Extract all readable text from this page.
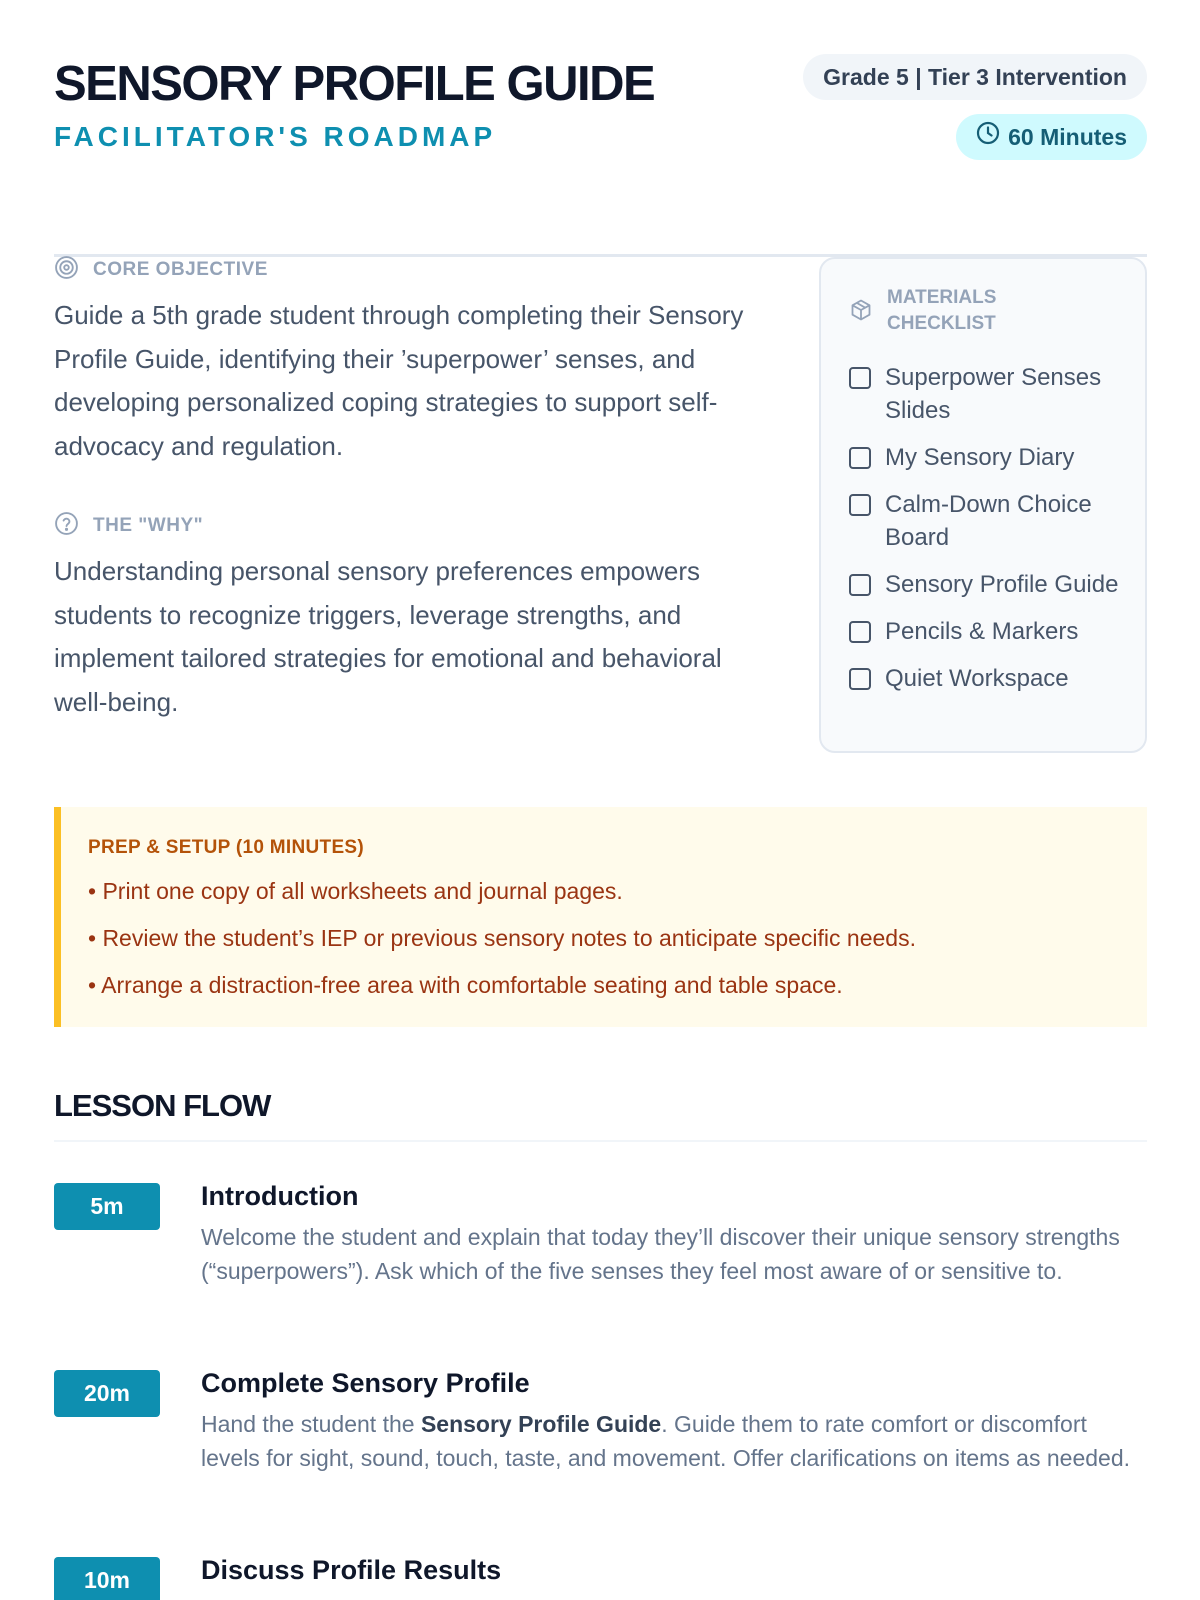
SENSORY PROFILE GUIDE
FACILITATOR'S ROADMAP
Grade 5 | Tier 3 Intervention
60 Minutes
CORE OBJECTIVE

Guide a 5th grade student through completing their Sensory Profile Guide, identifying their ’superpower’ senses, and developing personalized coping strategies to support self-advocacy and regulation.

THE "WHY"

Understanding personal sensory preferences empowers students to recognize triggers, leverage strengths, and implement tailored strategies for emotional and behavioral well-being.

MATERIALS
CHECKLIST
Superpower Senses Slides
My Sensory Diary
Calm-Down Choice Board
Sensory Profile Guide
Pencils & Markers
Quiet Workspace
PREP & SETUP (10 MINUTES)
• Print one copy of all worksheets and journal pages.
• Review the student’s IEP or previous sensory notes to anticipate specific needs.
• Arrange a distraction-free area with comfortable seating and table space.
LESSON FLOW
5m	Introduction

Welcome the student and explain that today they’ll discover their unique sensory strengths (“superpowers”). Ask which of the five senses they feel most aware of or sensitive to.

20m	Complete Sensory Profile

Hand the student the Sensory Profile Guide. Guide them to rate comfort or discomfort levels for sight, sound, touch, taste, and movement. Offer clarifications on items as needed.

10m	Discuss Profile Results
